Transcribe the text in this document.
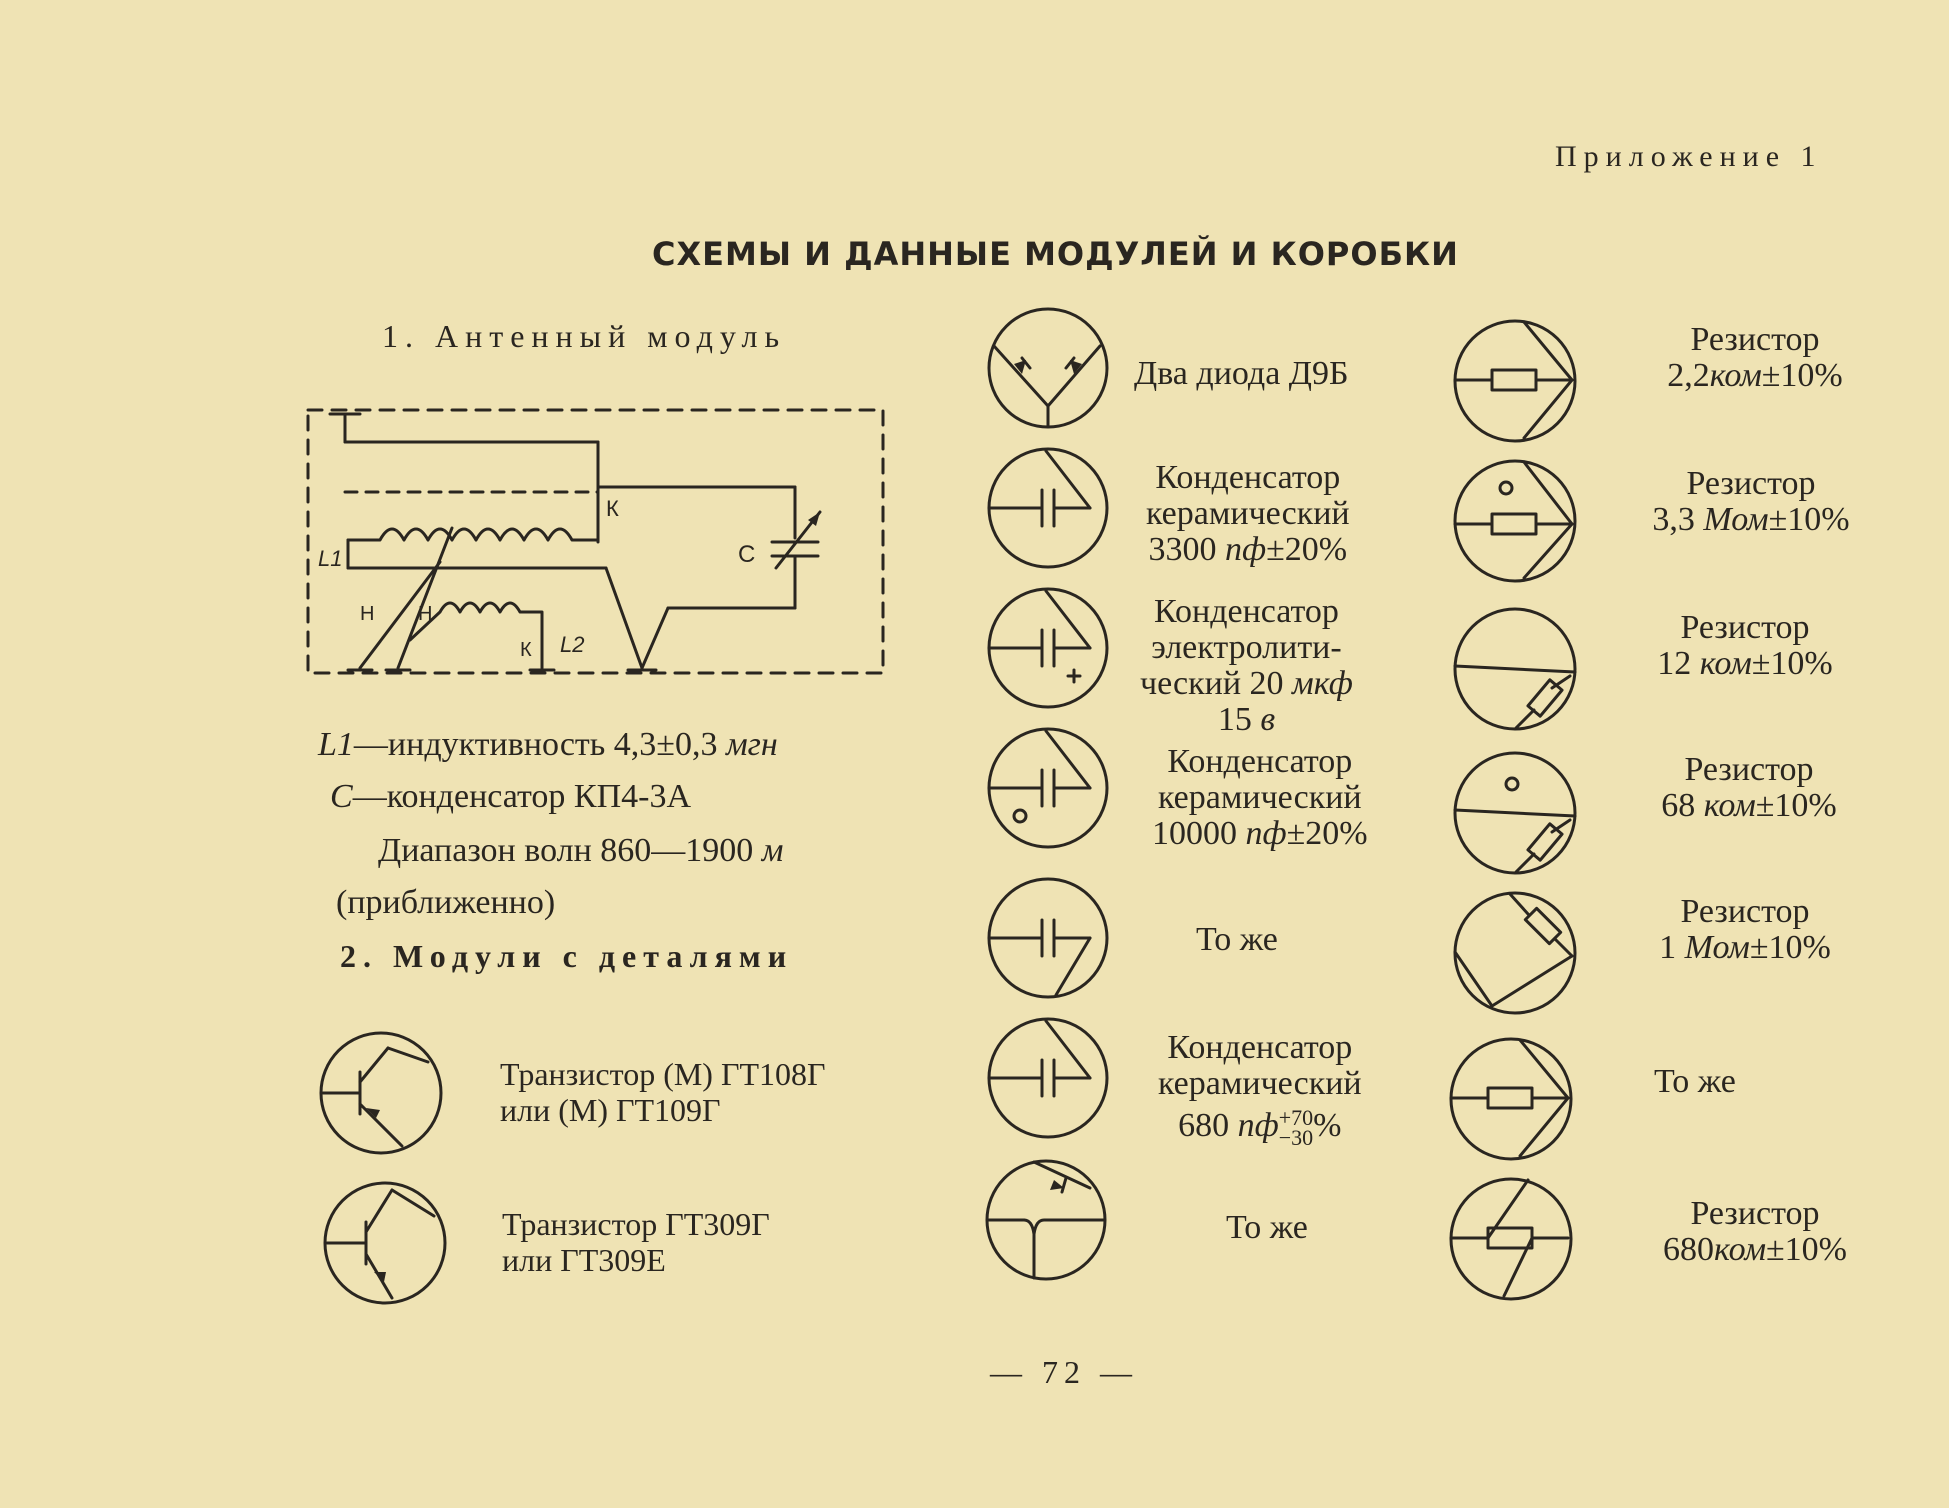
Приложение 1
СХЕМЫ И ДАННЫЕ МОДУЛЕЙ И КОРОБКИ
1. Антенный модуль
К
С
L1
Н Н
К L2
L1—индуктивность 4,3±0,3 мгн
С—конденсатор КП4-3А
Диапазон волн 860—1900 м
(приближенно)
2. Модули с деталями
Транзистор (М) ГТ108Г
или (М) ГТ109Г
Транзистор ГТ309Г
или ГТ309Е
Два диода Д9Б
Конденсатор
керамический
3300 пф±20%
Конденсатор
электролити-
ческий 20 мкф
15 в
Конденсатор
керамический
10000 пф±20%
То же
Конденсатор
керамический
680 пф +70
−30 %
То же
Резистор
2,2ком±10%
Резистор
3,3 Мом±10%
Резистор
12 ком±10%
Резистор
68 ком±10%
Резистор
1 Мом±10%
То же
Резистор
680ком±10%
— 72 —
